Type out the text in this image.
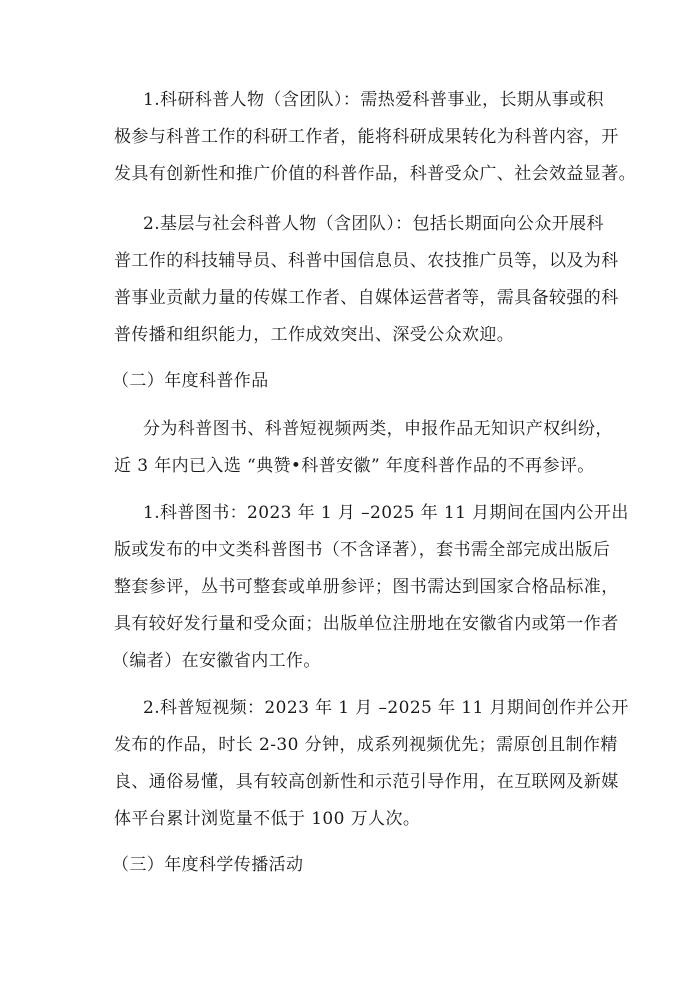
1.科研科普人物（含团队）：需热爱科普事业，长期从事或积
极参与科普工作的科研工作者，能将科研成果转化为科普内容，开
发具有创新性和推广价值的科普作品，科普受众广、社会效益显著。
2.基层与社会科普人物（含团队）：包括长期面向公众开展科
普工作的科技辅导员、科普中国信息员、农技推广员等，以及为科
普事业贡献力量的传媒工作者、自媒体运营者等，需具备较强的科
普传播和组织能力，工作成效突出、深受公众欢迎。
（二）年度科普作品
分为科普图书、科普短视频两类，申报作品无知识产权纠纷，
近 3 年内已入选 “典赞•科普安徽” 年度科普作品的不再参评。
1.科普图书：2023 年 1 月 –2025 年 11 月期间在国内公开出
版或发布的中文类科普图书（不含译著），套书需全部完成出版后
整套参评，丛书可整套或单册参评；图书需达到国家合格品标准，
具有较好发行量和受众面；出版单位注册地在安徽省内或第一作者
（编者）在安徽省内工作。
2.科普短视频：2023 年 1 月 –2025 年 11 月期间创作并公开
发布的作品，时长 2-30 分钟，成系列视频优先；需原创且制作精
良、通俗易懂，具有较高创新性和示范引导作用，在互联网及新媒
体平台累计浏览量不低于 100 万人次。
（三）年度科学传播活动
